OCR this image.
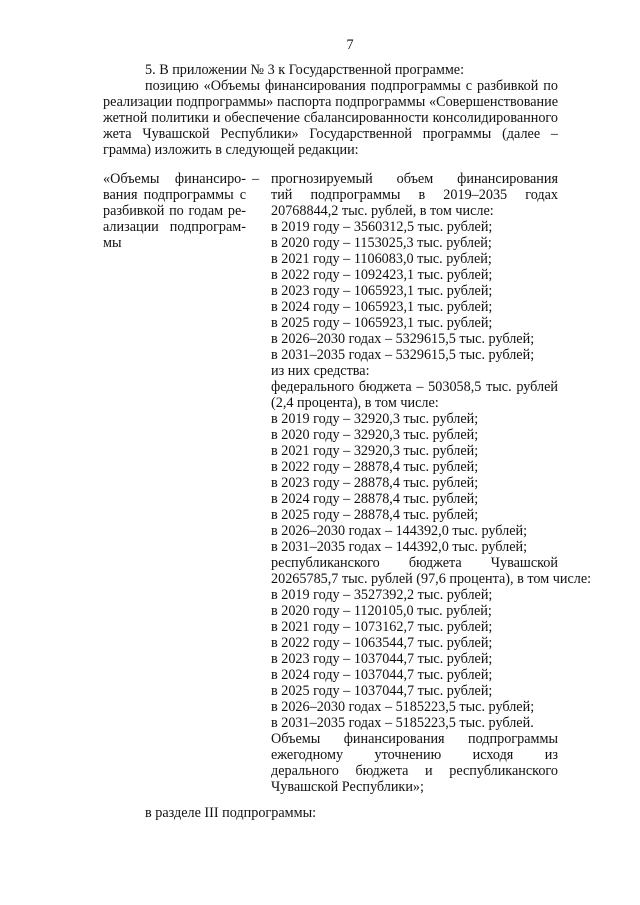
7
5. В приложении № 3 к Государственной программе:
позицию «Объемы финансирования подпрограммы с разбивкой по
реализации подпрограммы» паспорта подпрограммы «Совершенствование
жетной политики и обеспечение сбалансированности консолидированного
жета Чувашской Республики» Государственной программы (далее –
грамма) изложить в следующей редакции:
«Объемы финансиро-
вания подпрограммы с
разбивкой по годам ре-
ализации подпрограм-
мы
– прогнозируемый объем финансирования
тий подпрограммы в 2019–2035 годах
20768844,2 тыс. рублей, в том числе:
в 2019 году – 3560312,5 тыс. рублей;
в 2020 году – 1153025,3 тыс. рублей;
в 2021 году – 1106083,0 тыс. рублей;
в 2022 году – 1092423,1 тыс. рублей;
в 2023 году – 1065923,1 тыс. рублей;
в 2024 году – 1065923,1 тыс. рублей;
в 2025 году – 1065923,1 тыс. рублей;
в 2026–2030 годах – 5329615,5 тыс. рублей;
в 2031–2035 годах – 5329615,5 тыс. рублей;
из них средства:
федерального бюджета – 503058,5 тыс. рублей
(2,4 процента), в том числе:
в 2019 году – 32920,3 тыс. рублей;
в 2020 году – 32920,3 тыс. рублей;
в 2021 году – 32920,3 тыс. рублей;
в 2022 году – 28878,4 тыс. рублей;
в 2023 году – 28878,4 тыс. рублей;
в 2024 году – 28878,4 тыс. рублей;
в 2025 году – 28878,4 тыс. рублей;
в 2026–2030 годах – 144392,0 тыс. рублей;
в 2031–2035 годах – 144392,0 тыс. рублей;
республиканского бюджета Чувашской
20265785,7 тыс. рублей (97,6 процента), в том числе:
в 2019 году – 3527392,2 тыс. рублей;
в 2020 году – 1120105,0 тыс. рублей;
в 2021 году – 1073162,7 тыс. рублей;
в 2022 году – 1063544,7 тыс. рублей;
в 2023 году – 1037044,7 тыс. рублей;
в 2024 году – 1037044,7 тыс. рублей;
в 2025 году – 1037044,7 тыс. рублей;
в 2026–2030 годах – 5185223,5 тыс. рублей;
в 2031–2035 годах – 5185223,5 тыс. рублей.
Объемы финансирования подпрограммы
ежегодному уточнению исходя из
дерального бюджета и республиканского
Чувашской Республики»;
в разделе III подпрограммы:
